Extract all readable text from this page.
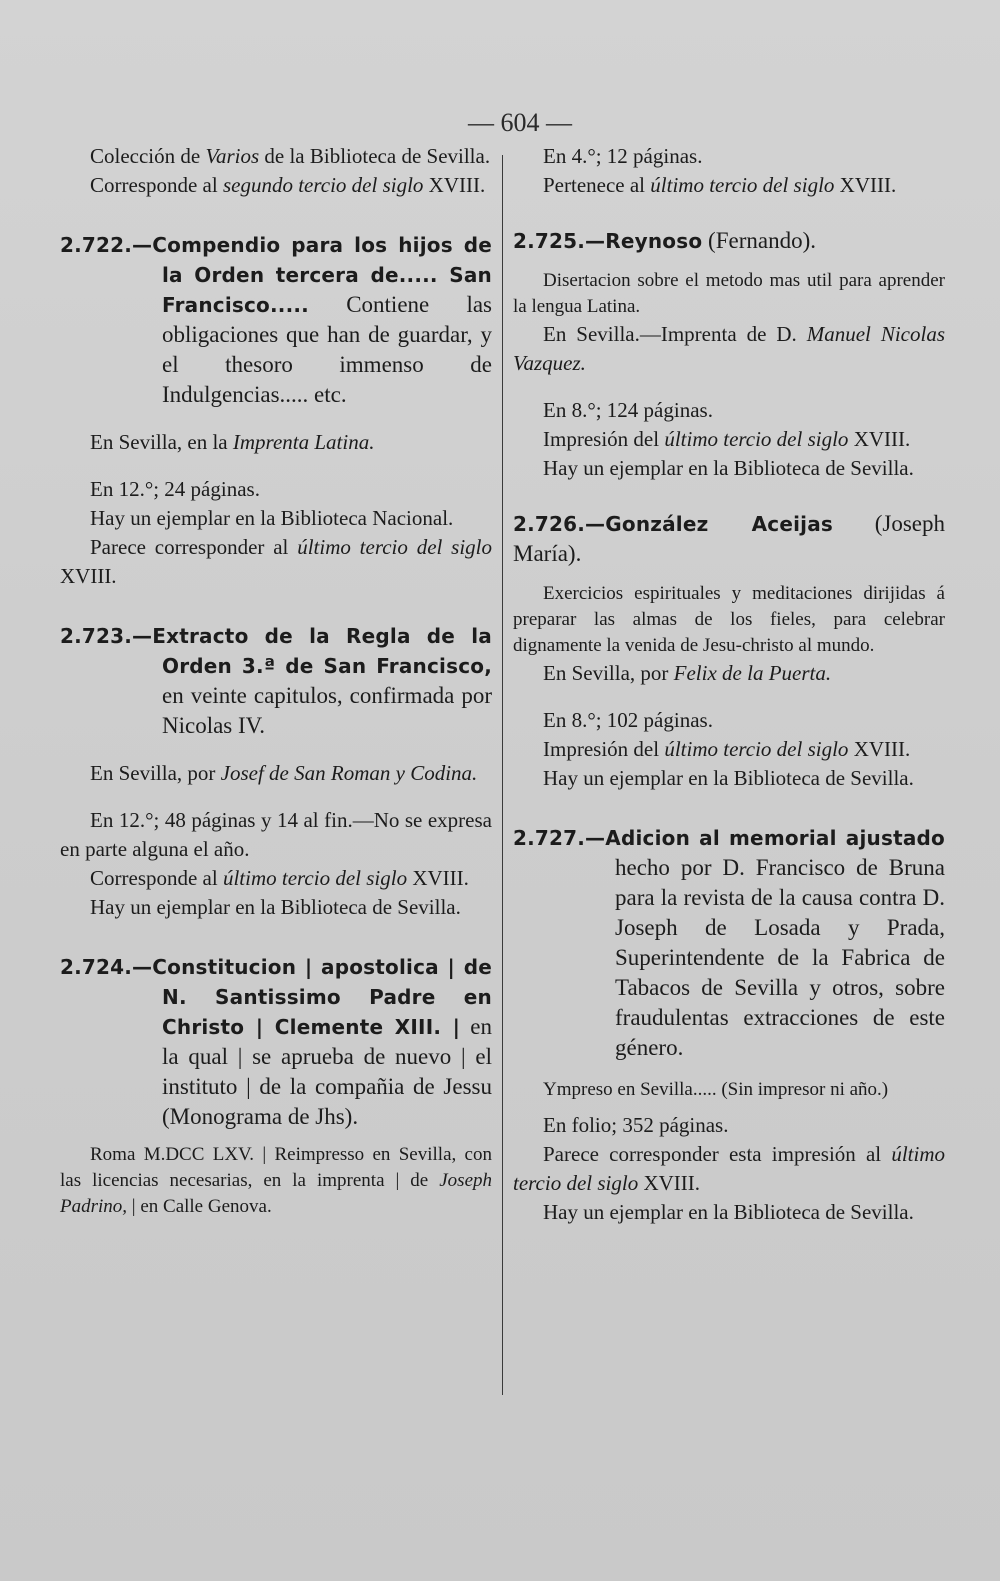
— 604 —

Colección de Varios de la Biblioteca de Sevilla.

Corresponde al segundo tercio del siglo XVIII.

2.722.—Compendio para los hijos de la Orden tercera de..... San Francisco..... Contiene las obligaciones que han de guardar, y el thesoro immenso de Indulgencias..... etc.

En Sevilla, en la Imprenta Latina.

En 12.°; 24 páginas.

Hay un ejemplar en la Biblioteca Nacional.

Parece corresponder al último tercio del siglo XVIII.

2.723.—Extracto de la Regla de la Orden 3.ª de San Francisco, en veinte capitulos, confirmada por Nicolas IV.

En Sevilla, por Josef de San Roman y Codina.

En 12.°; 48 páginas y 14 al fin.—No se expresa en parte alguna el año.

Corresponde al último tercio del siglo XVIII.

Hay un ejemplar en la Biblioteca de Sevilla.

2.724.—Constitucion | apostolica | de N. Santissimo Padre en Christo | Clemente XIII. | en la qual | se aprueba de nuevo | el instituto | de la compañia de Jessu (Monograma de Jhs).

Roma M.DCC LXV. | Reimpresso en Sevilla, con las licencias necesarias, en la imprenta | de Joseph Padrino, | en Calle Genova.

En 4.°; 12 páginas.

Pertenece al último tercio del siglo XVIII.

2.725.—Reynoso (Fernando).

Disertacion sobre el metodo mas util para aprender la lengua Latina.

En Sevilla.—Imprenta de D. Manuel Nicolas Vazquez.

En 8.°; 124 páginas.

Impresión del último tercio del siglo XVIII.

Hay un ejemplar en la Biblioteca de Sevilla.

2.726.—González Aceijas (Joseph María).

Exercicios espirituales y meditaciones dirijidas á preparar las almas de los fieles, para celebrar dignamente la venida de Jesu-christo al mundo.

En Sevilla, por Felix de la Puerta.

En 8.°; 102 páginas.

Impresión del último tercio del siglo XVIII.

Hay un ejemplar en la Biblioteca de Sevilla.

2.727.—Adicion al memorial ajustado hecho por D. Francisco de Bruna para la revista de la causa contra D. Joseph de Losada y Prada, Superintendente de la Fabrica de Tabacos de Sevilla y otros, sobre fraudulentas extracciones de este género.

Ympreso en Sevilla..... (Sin impresor ni año.)

En folio; 352 páginas.

Parece corresponder esta impresión al último tercio del siglo XVIII.

Hay un ejemplar en la Biblioteca de Sevilla.
